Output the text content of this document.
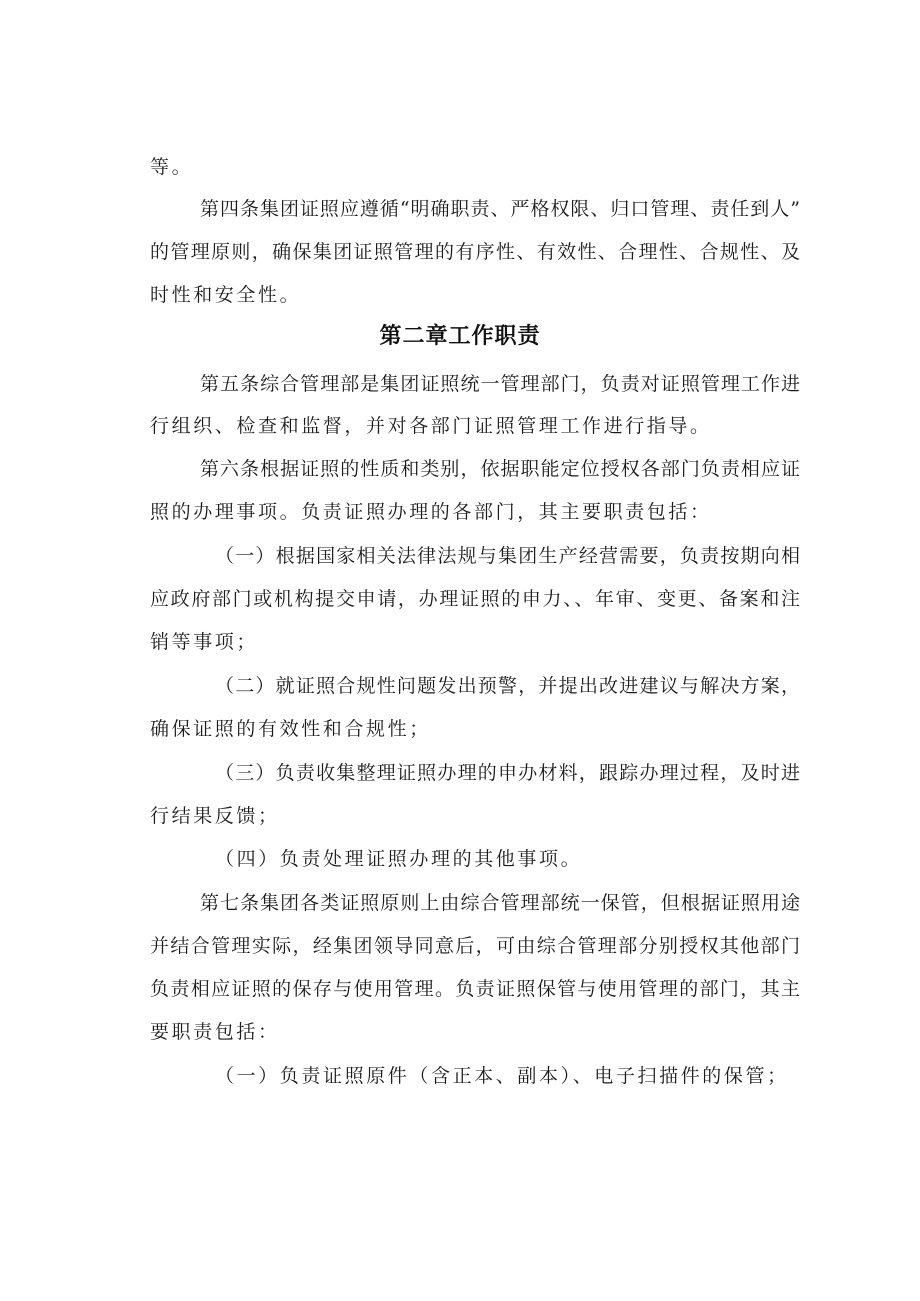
等。
第四条集团证照应遵循“明确职责、严格权限、归口管理、责任到人”
的管理原则，确保集团证照管理的有序性、有效性、合理性、合规性、及
时性和安全性。
第二章工作职责
第五条综合管理部是集团证照统一管理部门，负责对证照管理工作进
行组织、检查和监督，并对各部门证照管理工作进行指导。
第六条根据证照的性质和类别，依据职能定位授权各部门负责相应证
照的办理事项。负责证照办理的各部门，其主要职责包括：
（一）根据国家相关法律法规与集团生产经营需要，负责按期向相
应政府部门或机构提交申请，办理证照的申力、、年审、变更、备案和注
销等事项；
（二）就证照合规性问题发出预警，并提出改进建议与解决方案，
确保证照的有效性和合规性；
（三）负责收集整理证照办理的申办材料，跟踪办理过程，及时进
行结果反馈；
（四）负责处理证照办理的其他事项。
第七条集团各类证照原则上由综合管理部统一保管，但根据证照用途
并结合管理实际，经集团领导同意后，可由综合管理部分别授权其他部门
负责相应证照的保存与使用管理。负责证照保管与使用管理的部门，其主
要职责包括：
（一）负责证照原件（含正本、副本）、电子扫描件的保管；
